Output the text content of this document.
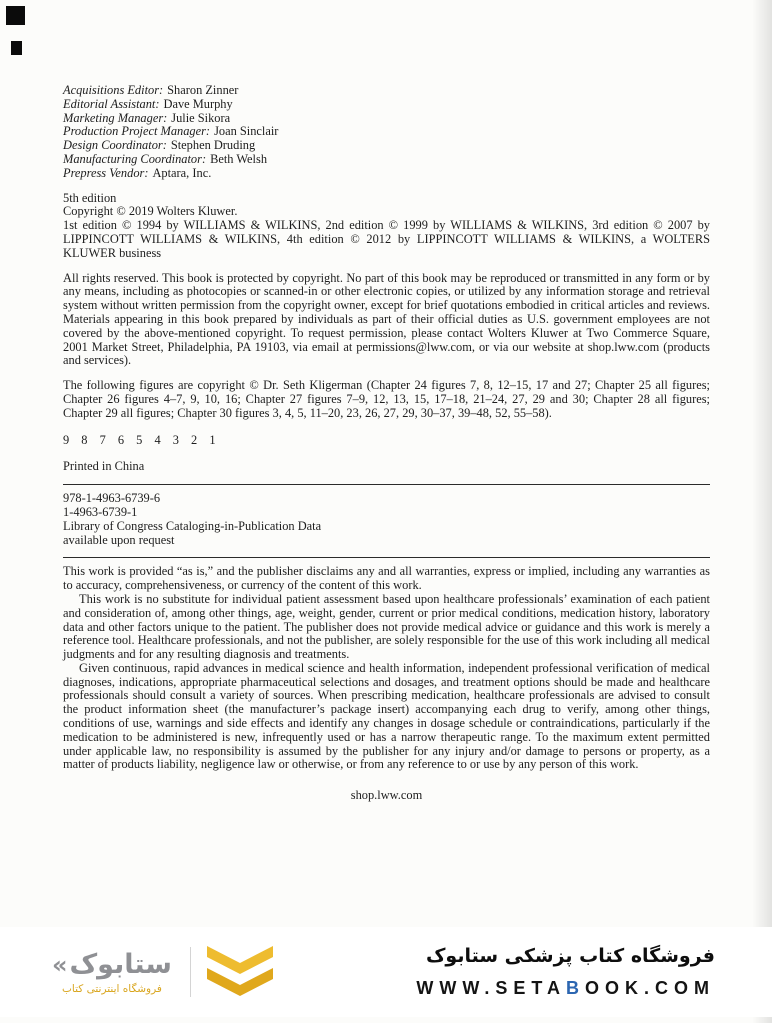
Acquisitions Editor: Sharon Zinner
Editorial Assistant: Dave Murphy
Marketing Manager: Julie Sikora
Production Project Manager: Joan Sinclair
Design Coordinator: Stephen Druding
Manufacturing Coordinator: Beth Welsh
Prepress Vendor: Aptara, Inc.

5th edition

Copyright © 2019 Wolters Kluwer.

1st edition © 1994 by WILLIAMS & WILKINS, 2nd edition © 1999 by WILLIAMS & WILKINS, 3rd edition © 2007 by LIPPINCOTT WILLIAMS & WILKINS, 4th edition © 2012 by LIPPINCOTT WILLIAMS & WILKINS, a WOLTERS KLUWER business

All rights reserved. This book is protected by copyright. No part of this book may be reproduced or transmitted in any form or by any means, including as photocopies or scanned-in or other electronic copies, or utilized by any information storage and retrieval system without written permission from the copyright owner, except for brief quotations embodied in critical articles and reviews. Materials appearing in this book prepared by individuals as part of their official duties as U.S. government employees are not covered by the above-mentioned copyright. To request permission, please contact Wolters Kluwer at Two Commerce Square, 2001 Market Street, Philadelphia, PA 19103, via email at permissions@lww.com, or via our website at shop.lww.com (products and services).

The following figures are copyright © Dr. Seth Kligerman (Chapter 24 figures 7, 8, 12–15, 17 and 27; Chapter 25 all figures; Chapter 26 figures 4–7, 9, 10, 16; Chapter 27 figures 7–9, 12, 13, 15, 17–18, 21–24, 27, 29 and 30; Chapter 28 all figures; Chapter 29 all figures; Chapter 30 figures 3, 4, 5, 11–20, 23, 26, 27, 29, 30–37, 39–48, 52, 55–58).

9 8 7 6 5 4 3 2 1

Printed in China

978-1-4963-6739-6
1-4963-6739-1
Library of Congress Cataloging-in-Publication Data
available upon request

This work is provided “as is,” and the publisher disclaims any and all warranties, express or implied, including any warranties as to accuracy, comprehensiveness, or currency of the content of this work.

This work is no substitute for individual patient assessment based upon healthcare professionals’ examination of each patient and consideration of, among other things, age, weight, gender, current or prior medical conditions, medication history, laboratory data and other factors unique to the patient. The publisher does not provide medical advice or guidance and this work is merely a reference tool. Healthcare professionals, and not the publisher, are solely responsible for the use of this work including all medical judgments and for any resulting diagnosis and treatments.

Given continuous, rapid advances in medical science and health information, independent professional verification of medical diagnoses, indications, appropriate pharmaceutical selections and dosages, and treatment options should be made and healthcare professionals should consult a variety of sources. When prescribing medication, healthcare professionals are advised to consult the product information sheet (the manufacturer’s package insert) accompanying each drug to verify, among other things, conditions of use, warnings and side effects and identify any changes in dosage schedule or contraindications, particularly if the medication to be administered is new, infrequently used or has a narrow therapeutic range. To the maximum extent permitted under applicable law, no responsibility is assumed by the publisher for any injury and/or damage to persons or property, as a matter of products liability, negligence law or otherwise, or from any reference to or use by any person of this work.

shop.lww.com

«ستابوک
فروشگاه اینترنتی کتاب
فروشگاه کتاب پزشکی ستابوک
WWW.SETABOOK.COM
